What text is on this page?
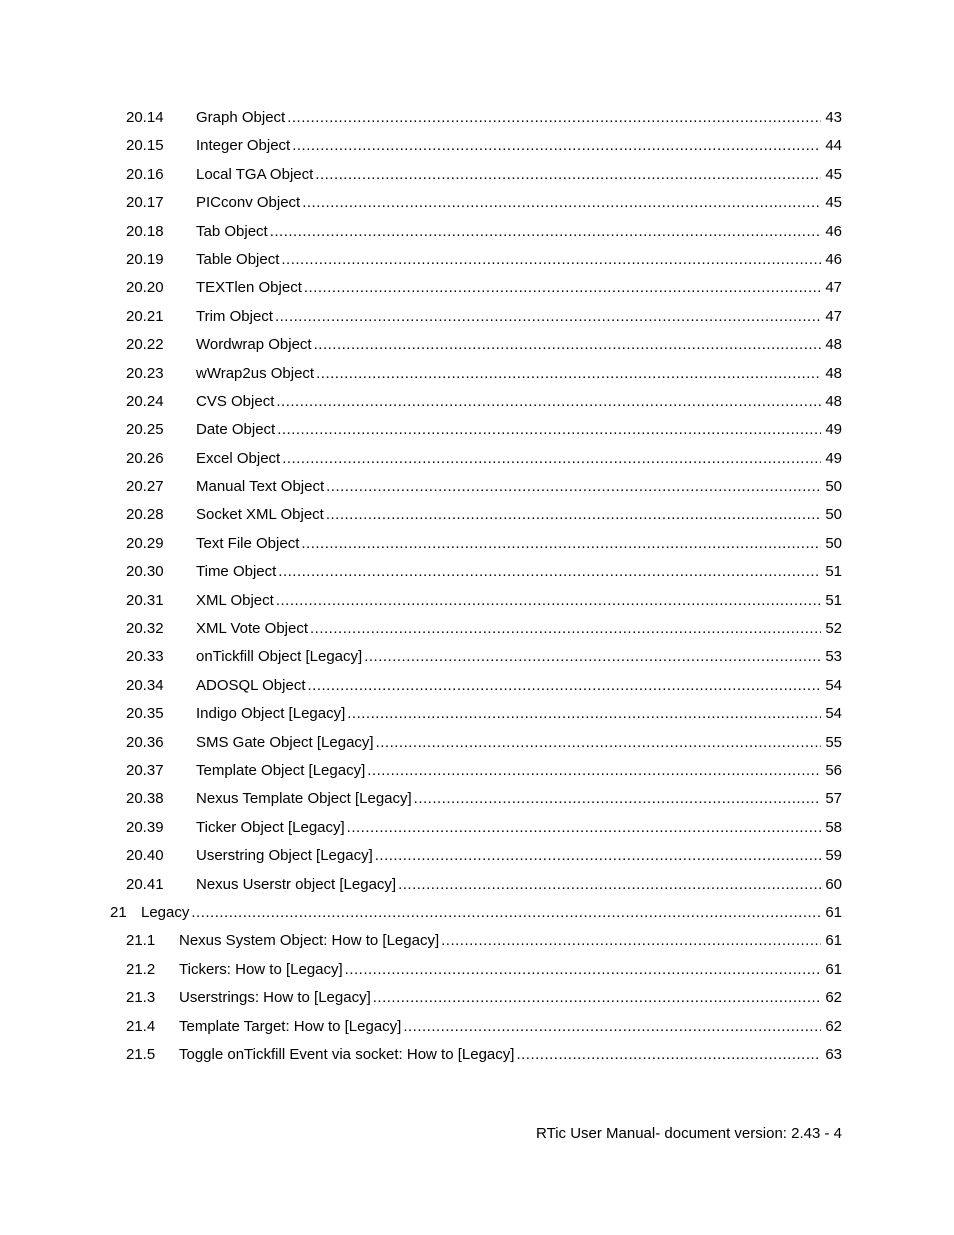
20.14 Graph Object .....	43
20.15 Integer Object .....	44
20.16 Local TGA Object .....	45
20.17 PICconv Object .....	45
20.18 Tab Object .....	46
20.19 Table Object .....	46
20.20 TEXTlen Object .....	47
20.21 Trim Object .....	47
20.22 Wordwrap Object .....	48
20.23 wWrap2us Object .....	48
20.24 CVS Object .....	48
20.25 Date Object .....	49
20.26 Excel Object .....	49
20.27 Manual Text Object .....	50
20.28 Socket XML Object .....	50
20.29 Text File Object .....	50
20.30 Time Object .....	51
20.31 XML Object .....	51
20.32 XML Vote Object .....	52
20.33 onTickfill Object [Legacy] .....	53
20.34 ADOSQL Object .....	54
20.35 Indigo Object [Legacy] .....	54
20.36 SMS Gate Object [Legacy] .....	55
20.37 Template Object [Legacy] .....	56
20.38 Nexus Template Object [Legacy] .....	57
20.39 Ticker Object [Legacy] .....	58
20.40 Userstring Object [Legacy] .....	59
20.41 Nexus Userstr object [Legacy] .....	60
21 Legacy .....	61
21.1 Nexus System Object: How to [Legacy] .....	61
21.2 Tickers: How to [Legacy] .....	61
21.3 Userstrings: How to [Legacy] .....	62
21.4 Template Target: How to [Legacy] .....	62
21.5 Toggle onTickfill Event via socket: How to [Legacy] .....	63
RTic User Manual- document version: 2.43 - 4
